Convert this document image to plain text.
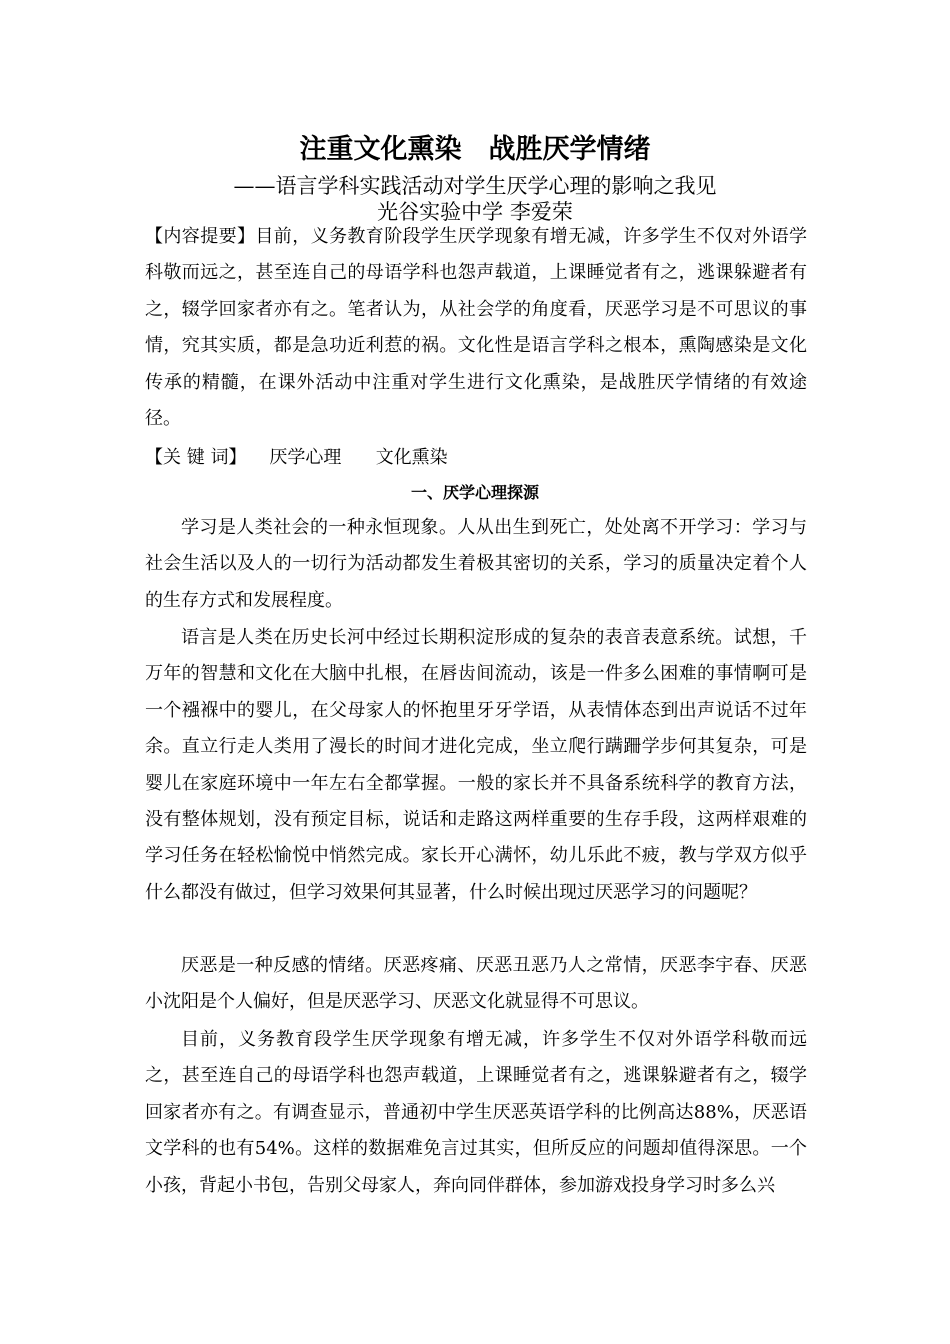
注重文化熏染　战胜厌学情绪
——语言学科实践活动对学生厌学心理的影响之我见
光谷实验中学 李爱荣

【内容提要】目前，义务教育阶段学生厌学现象有增无减，许多学生不仅对外语学科敬而远之，甚至连自己的母语学科也怨声载道，上课睡觉者有之，逃课躲避者有之，辍学回家者亦有之。笔者认为，从社会学的角度看，厌恶学习是不可思议的事情，究其实质，都是急功近利惹的祸。文化性是语言学科之根本，熏陶感染是文化传承的精髓，在课外活动中注重对学生进行文化熏染，是战胜厌学情绪的有效途径。

【关 键 词】 厌学心理 文化熏染
一、厌学心理探源

学习是人类社会的一种永恒现象。人从出生到死亡，处处离不开学习：学习与社会生活以及人的一切行为活动都发生着极其密切的关系，学习的质量决定着个人的生存方式和发展程度。

语言是人类在历史长河中经过长期积淀形成的复杂的表音表意系统。试想，千万年的智慧和文化在大脑中扎根，在唇齿间流动，该是一件多么困难的事情啊可是一个襁褓中的婴儿，在父母家人的怀抱里牙牙学语，从表情体态到出声说话不过年余。直立行走人类用了漫长的时间才进化完成，坐立爬行蹒跚学步何其复杂，可是婴儿在家庭环境中一年左右全都掌握。一般的家长并不具备系统科学的教育方法，没有整体规划，没有预定目标，说话和走路这两样重要的生存手段，这两样艰难的学习任务在轻松愉悦中悄然完成。家长开心满怀，幼儿乐此不疲，教与学双方似乎什么都没有做过，但学习效果何其显著，什么时候出现过厌恶学习的问题呢？

厌恶是一种反感的情绪。厌恶疼痛、厌恶丑恶乃人之常情，厌恶李宇春、厌恶小沈阳是个人偏好，但是厌恶学习、厌恶文化就显得不可思议。

目前，义务教育段学生厌学现象有增无减，许多学生不仅对外语学科敬而远之，甚至连自己的母语学科也怨声载道，上课睡觉者有之，逃课躲避者有之，辍学回家者亦有之。有调查显示，普通初中学生厌恶英语学科的比例高达88%，厌恶语文学科的也有54%。这样的数据难免言过其实，但所反应的问题却值得深思。一个小孩，背起小书包，告别父母家人，奔向同伴群体，参加游戏投身学习时多么兴
